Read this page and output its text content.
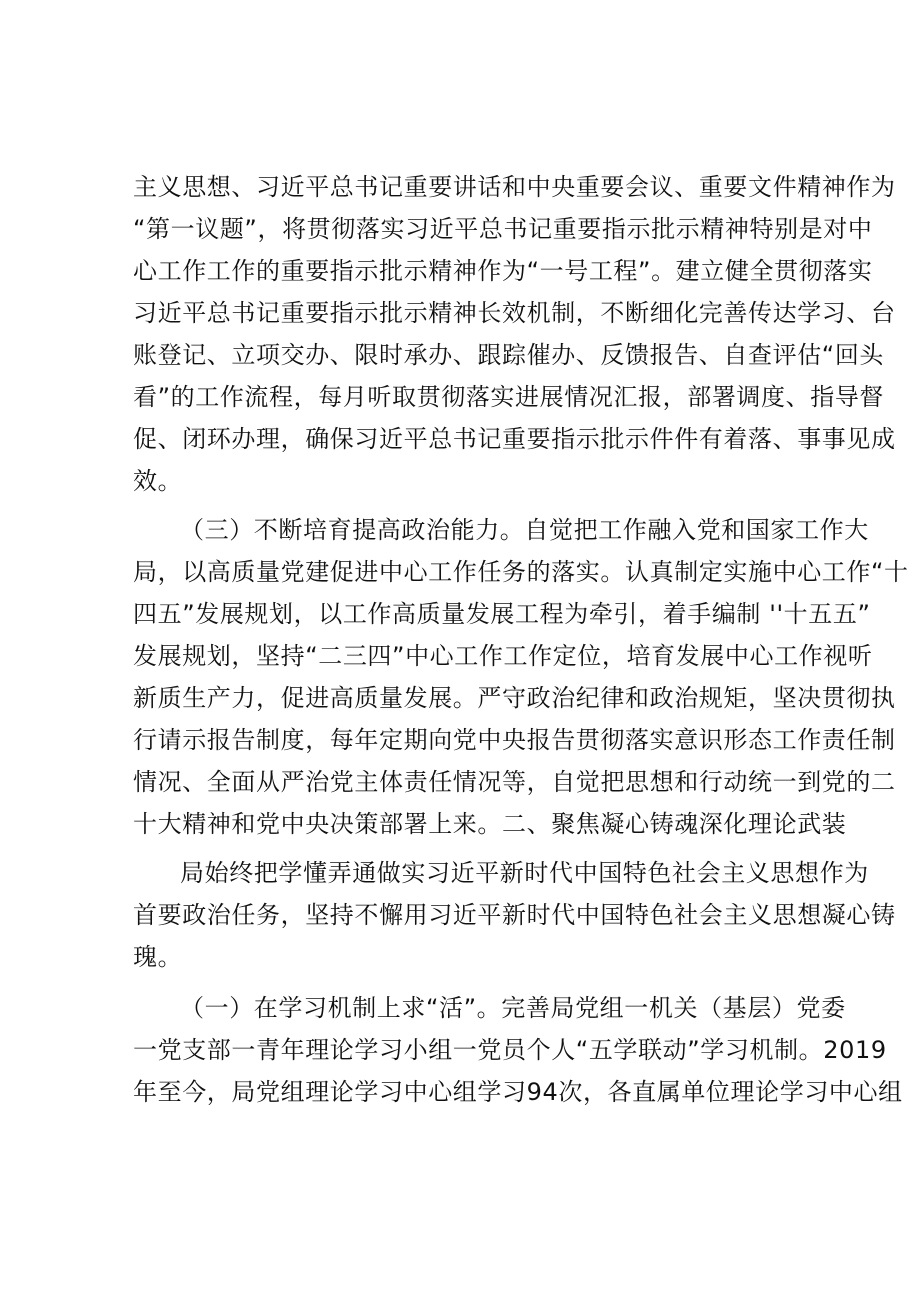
主义思想、习近平总书记重要讲话和中央重要会议、重要文件精神作为
“第一议题”，将贯彻落实习近平总书记重要指示批示精神特别是对中
心工作工作的重要指示批示精神作为“一号工程”。建立健全贯彻落实
习近平总书记重要指示批示精神长效机制，不断细化完善传达学习、台
账登记、立项交办、限时承办、跟踪催办、反馈报告、自查评估“回头
看”的工作流程，每月听取贯彻落实进展情况汇报，部署调度、指导督
促、闭环办理，确保习近平总书记重要指示批示件件有着落、事事见成
效。
（三）不断培育提高政治能力。自觉把工作融入党和国家工作大
局，以高质量党建促进中心工作任务的落实。认真制定实施中心工作“十
四五”发展规划，以工作高质量发展工程为牵引，着手编制 ''十五五”
发展规划，坚持“二三四”中心工作工作定位，培育发展中心工作视听
新质生产力，促进高质量发展。严守政治纪律和政治规矩，坚决贯彻执
行请示报告制度，每年定期向党中央报告贯彻落实意识形态工作责任制
情况、全面从严治党主体责任情况等，自觉把思想和行动统一到党的二
十大精神和党中央决策部署上来。二、聚焦凝心铸魂深化理论武装
局始终把学懂弄通做实习近平新时代中国特色社会主义思想作为
首要政治任务，坚持不懈用习近平新时代中国特色社会主义思想凝心铸
瑰。
（一）在学习机制上求“活”。完善局党组一机关（基层）党委
一党支部一青年理论学习小组一党员个人“五学联动”学习机制。2019
年至今，局党组理论学习中心组学习94次，各直属单位理论学习中心组
